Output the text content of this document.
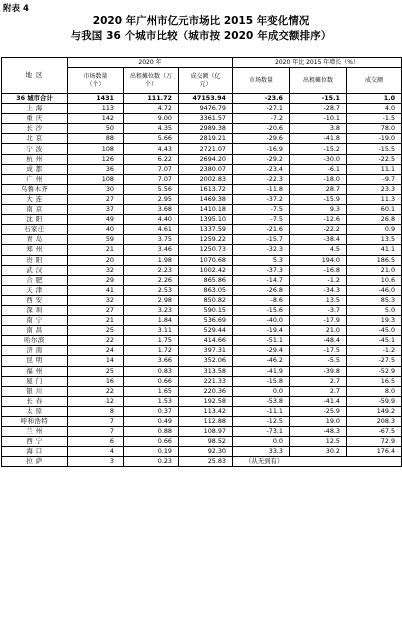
附表 4
2020 年广州市亿元市场比 2015 年变化情况
与我国 36 个城市比较（城市按 2020 年成交额排序）
地 区	2020 年			2020 年比 2015 年增长（%）		
	市场数量（个）	出租摊位数（万个）	成交额（亿元）	市场数量	出租摊位数	成交额
36 城市合计	1431	111.72	47153.94	-23.6	-15.1	1.0
上 海	113	4.72	9476.79	-27.1	-28.7	4.0
重 庆	142	9.00	3361.57	-7.2	-10.1	-1.5
长 沙	50	4.35	2989.38	-20.6	3.8	78.0
北 京	88	5.66	2819.21	-29.6	-41.8	-19.0
宁 波	108	4.43	2721.07	-16.9	-15.2	-15.5
杭 州	126	6.22	2694.20	-29.2	-30.0	-22.5
成 都	36	7.07	2380.07	-23.4	-6.1	11.1
广 州	108	7.07	2002.83	-22.3	-18.0	-9.7
乌鲁木齐	30	5.56	1613.72	-11.8	28.7	23.3
大 连	27	2.95	1469.38	-37.2	-15.9	11.3
南 京	37	3.68	1410.18	-7.5	9.3	60.1
沈 阳	49	4.40	1395.10	-7.5	-12.6	26.8
石家庄	40	4.61	1337.59	-21.6	-22.2	0.9
青 岛	59	3.75	1259.22	-15.7	-38.4	13.5
郑 州	21	3.46	1250.73	-32.3	4.5	41.1
贵 阳	20	1.98	1070.68	5.3	194.0	186.5
武 汉	32	2.23	1002.42	-37.3	-16.8	21.0
合 肥	29	2.26	865.86	-14.7	-1.2	10.6
天 津	41	2.53	863.05	-26.8	-34.3	-46.0
西 安	32	2.98	850.82	-8.6	13.5	85.3
深 圳	27	3.23	590.15	-15.6	-3.7	5.0
南 宁	21	1.84	536.69	-40.0	-17.9	19.3
南 昌	25	3.11	529.44	-19.4	21.0	-45.0
哈尔滨	22	1.75	414.66	-51.1	-48.4	-45.1
济 南	24	1.72	397.31	-29.4	-17.5	-1.2
昆 明	14	3.66	352.06	-46.2	-5.5	-27.5
福 州	25	0.83	313.58	-41.9	-39.8	-52.9
厦 门	16	0.66	221.33	-15.8	2.7	16.5
银 川	22	1.65	220.36	0.0	2.7	8.0
长 春	12	1.53	192.58	-53.8	-41.4	-59.9
太 原	8	0.37	113.42	-11.1	-25.9	149.2
呼和浩特	7	0.49	112.88	-12.5	19.0	208.3
兰 州	7	0.88	108.97	-73.1	-48.3	-67.5
西 宁	6	0.66	98.52	0.0	12.5	72.9
海 口	4	0.19	92.30	33.3	30.2	176.4
拉 萨	3	0.23	25.83	（从无到有）		
